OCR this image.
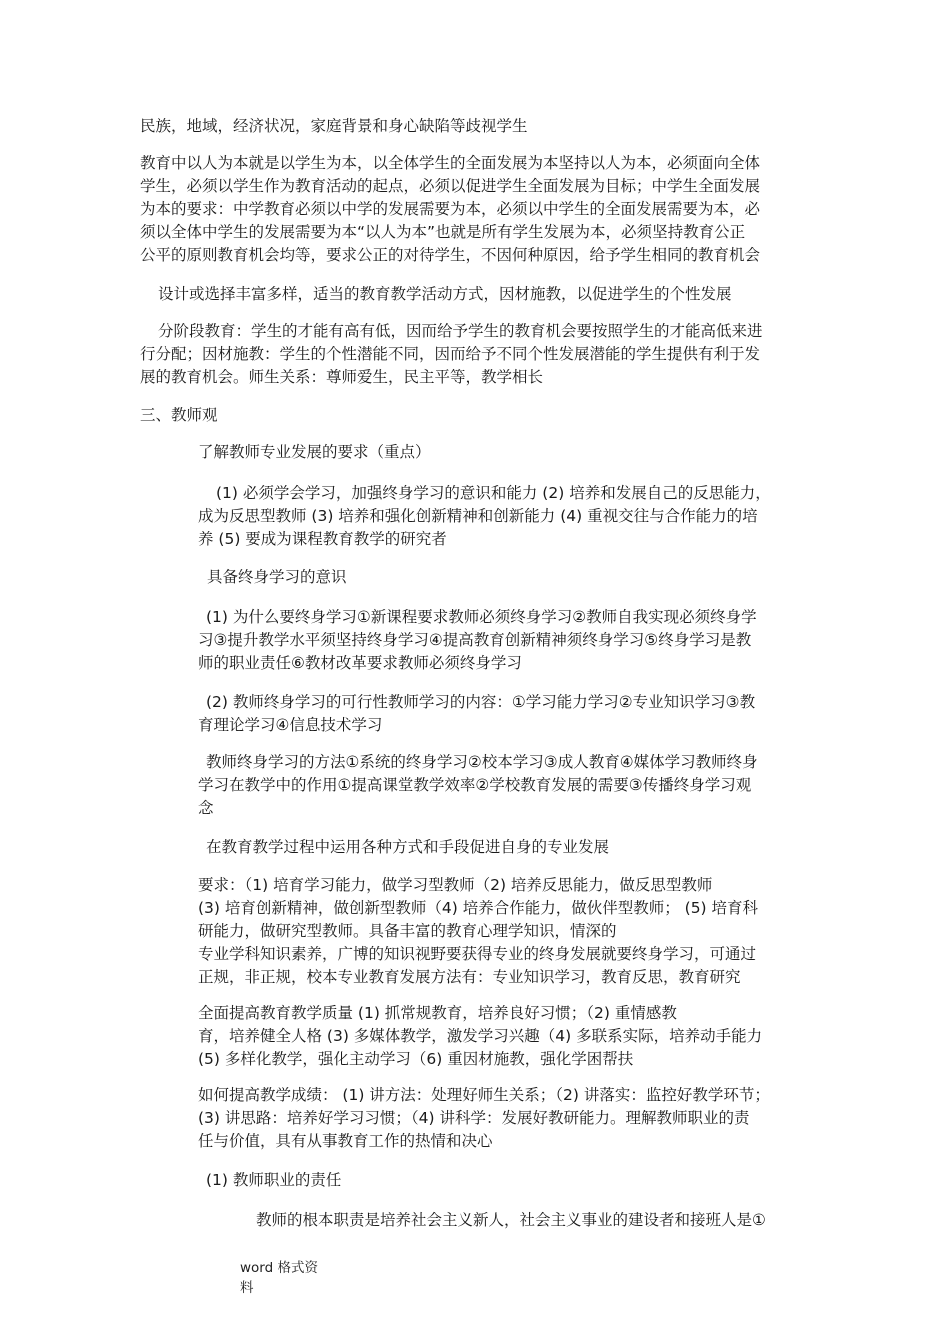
民族，地域，经济状况，家庭背景和身心缺陷等歧视学生

教育中以人为本就是以学生为本，以全体学生的全面发展为本坚持以人为本，必须面向全体
学生，必须以学生作为教育活动的起点，必须以促进学生全面发展为目标；中学生全面发展
为本的要求：中学教育必须以中学的发展需要为本，必须以中学生的全面发展需要为本，必
须以全体中学生的发展需要为本“以人为本”也就是所有学生发展为本，必须坚持教育公正
公平的原则教育机会均等，要求公正的对待学生，不因何种原因，给予学生相同的教育机会

设计或选择丰富多样，适当的教育教学活动方式，因材施教，以促进学生的个性发展

分阶段教育：学生的才能有高有低，因而给予学生的教育机会要按照学生的才能高低来进
行分配；因材施教：学生的个性潜能不同，因而给予不同个性发展潜能的学生提供有利于发
展的教育机会。师生关系：尊师爱生，民主平等，教学相长

三、教师观

了解教师专业发展的要求（重点）

(1) 必须学会学习，加强终身学习的意识和能力 (2) 培养和发展自己的反思能力，
成为反思型教师 (3) 培养和强化创新精神和创新能力 (4) 重视交往与合作能力的培
养 (5) 要成为课程教育教学的研究者

具备终身学习的意识

(1) 为什么要终身学习①新课程要求教师必须终身学习②教师自我实现必须终身学
习③提升教学水平须坚持终身学习④提高教育创新精神须终身学习⑤终身学习是教
师的职业责任⑥教材改革要求教师必须终身学习

(2) 教师终身学习的可行性教师学习的内容：①学习能力学习②专业知识学习③教
育理论学习④信息技术学习

教师终身学习的方法①系统的终身学习②校本学习③成人教育④媒体学习教师终身
学习在教学中的作用①提高课堂教学效率②学校教育发展的需要③传播终身学习观
念

在教育教学过程中运用各种方式和手段促进自身的专业发展

要求：（1) 培育学习能力，做学习型教师（2) 培养反思能力，做反思型教师
(3) 培育创新精神，做创新型教师（4) 培养合作能力，做伙伴型教师； (5) 培育科
研能力，做研究型教师。具备丰富的教育心理学知识，情深的
专业学科知识素养，广博的知识视野要获得专业的终身发展就要终身学习，可通过
正规，非正规，校本专业教育发展方法有：专业知识学习，教育反思，教育研究

全面提高教育教学质量 (1) 抓常规教育，培养良好习惯；（2) 重情感教
育，培养健全人格 (3) 多媒体教学，激发学习兴趣（4) 多联系实际，培养动手能力
(5) 多样化教学，强化主动学习（6) 重因材施教，强化学困帮扶

如何提高教学成绩： (1) 讲方法：处理好师生关系；（2) 讲落实：监控好教学环节；
(3) 讲思路：培养好学习习惯；（4) 讲科学：发展好教研能力。理解教师职业的责
任与价值，具有从事教育工作的热情和决心

(1) 教师职业的责任

教师的根本职责是培养社会主义新人，社会主义事业的建设者和接班人是①

word 格式资
料
